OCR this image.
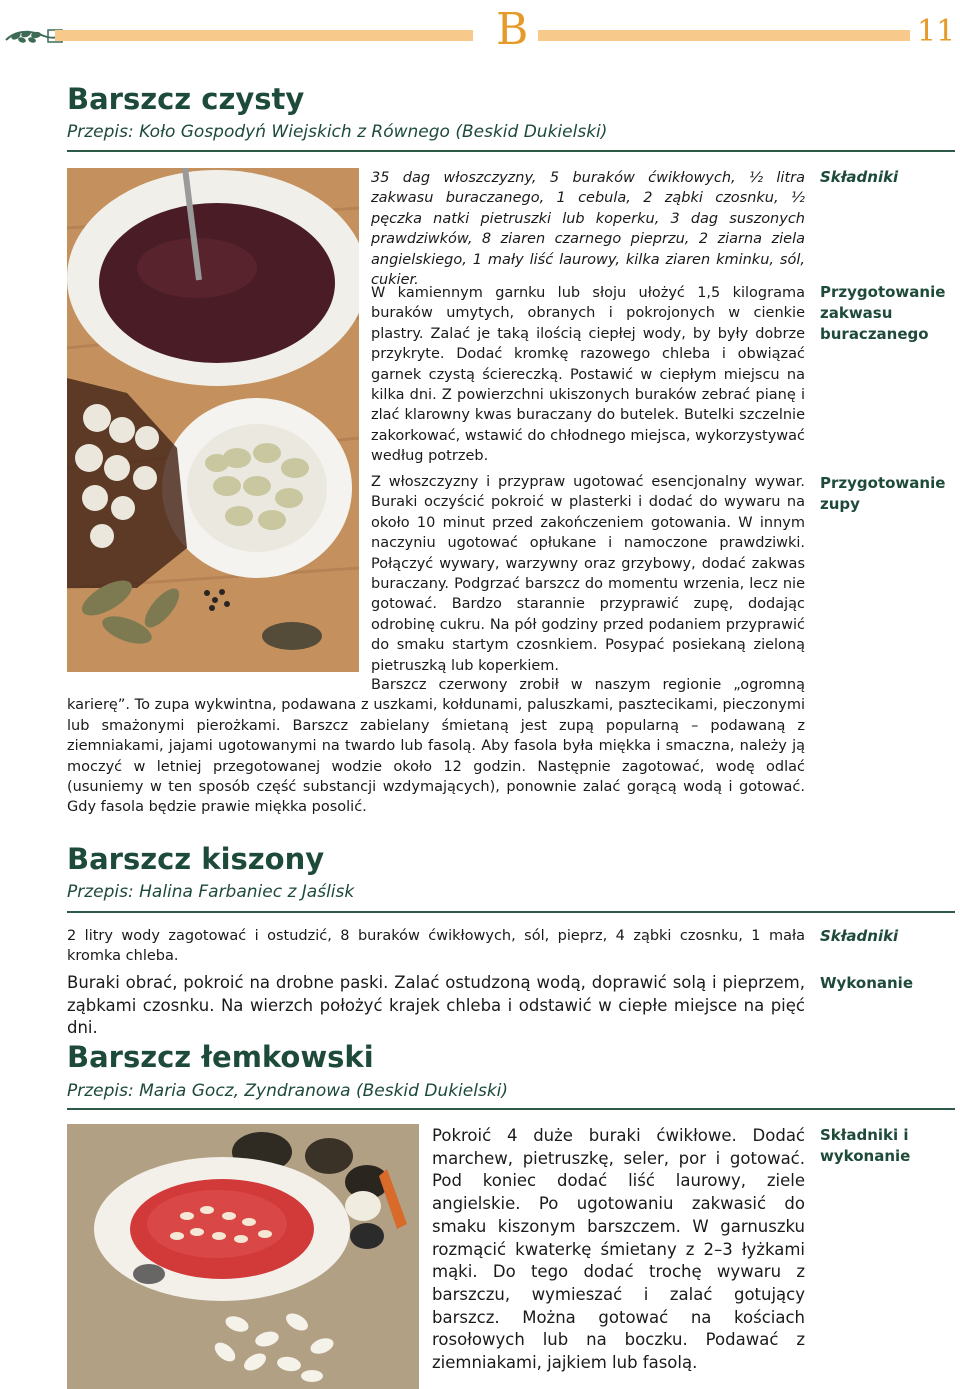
B	11
Barszcz czysty
Przepis: Koło Gospodyń Wiejskich z Równego (Beskid Dukielski)
35 dag włoszczyzny, 5 buraków ćwikłowych, ½ litra zakwasu buraczanego, 1 cebula, 2 ząbki czosnku, ½ pęczka natki pietruszki lub koperku, 3 dag suszonych prawdziwków, 8 ziaren czarnego pieprzu, 2 ziarna ziela angielskiego, 1 mały liść laurowy, kilka ziaren kminku, sól, cukier.
Składniki
W kamiennym garnku lub słoju ułożyć 1,5 kilograma buraków umytych, obranych i pokrojonych w cienkie plastry. Zalać je taką ilością ciepłej wody, by były dobrze przykryte. Dodać kromkę razowego chleba i obwiązać garnek czystą ściereczką. Postawić w ciepłym miejscu na kilka dni. Z powierzchni ukiszonych buraków zebrać pianę i zlać klarowny kwas buraczany do butelek. Butelki szczelnie zakorkować, wstawić do chłodnego miejsca, wykorzystywać według potrzeb.
Przygotowanie zakwasu buraczanego
Z włoszczyzny i przypraw ugotować esencjonalny wywar. Buraki oczyścić pokroić w plasterki i dodać do wywaru na około 10 minut przed zakończeniem gotowania. W innym naczyniu ugotować opłukane i namoczone prawdziwki. Połączyć wywary, warzywny oraz grzybowy, dodać zakwas buraczany. Podgrzać barszcz do momentu wrzenia, lecz nie gotować. Bardzo starannie przyprawić zupę, dodając odrobinę cukru. Na pół godziny przed podaniem przyprawić do smaku startym czosnkiem. Posypać posiekaną zieloną pietruszką lub koperkiem.
Przygotowanie zupy
Barszcz czerwony zrobił w naszym regionie „ogromną karierę”. To zupa wykwintna, podawana z uszkami, kołdunami, paluszkami, pasztecikami, pieczonymi lub smażonymi pierożkami. Barszcz zabielany śmietaną jest zupą popularną – podawaną z ziemniakami, jajami ugotowanymi na twardo lub fasolą. Aby fasola była miękka i smaczna, należy ją moczyć w letniej przegotowanej wodzie około 12 godzin. Następnie zagotować, wodę odlać (usuniemy w ten sposób część substancji wzdymających), ponownie zalać gorącą wodą i gotować. Gdy fasola będzie prawie miękka posolić.
Barszcz kiszony
Przepis: Halina Farbaniec z Jaślisk
2 litry wody zagotować i ostudzić, 8 buraków ćwikłowych, sól, pieprz, 4 ząbki czosnku, 1 mała kromka chleba.
Składniki
Buraki obrać, pokroić na drobne paski. Zalać ostudzoną wodą, doprawić solą i pieprzem, ząbkami czosnku. Na wierzch położyć krajek chleba i odstawić w ciepłe miejsce na pięć dni.
Wykonanie
Barszcz łemkowski
Przepis: Maria Gocz, Zyndranowa (Beskid Dukielski)
Pokroić 4 duże buraki ćwikłowe. Dodać marchew, pietruszkę, seler, por i gotować. Pod koniec dodać liść laurowy, ziele angielskie. Po ugotowaniu zakwasić do smaku kiszonym barszczem. W garnuszku rozmącić kwaterkę śmietany z 2–3 łyżkami mąki. Do tego dodać trochę wywaru z barszczu, wymieszać i zalać gotujący barszcz. Można gotować na kościach rosołowych lub na boczku. Podawać z ziemniakami, jajkiem lub fasolą.
Składniki i wykonanie
